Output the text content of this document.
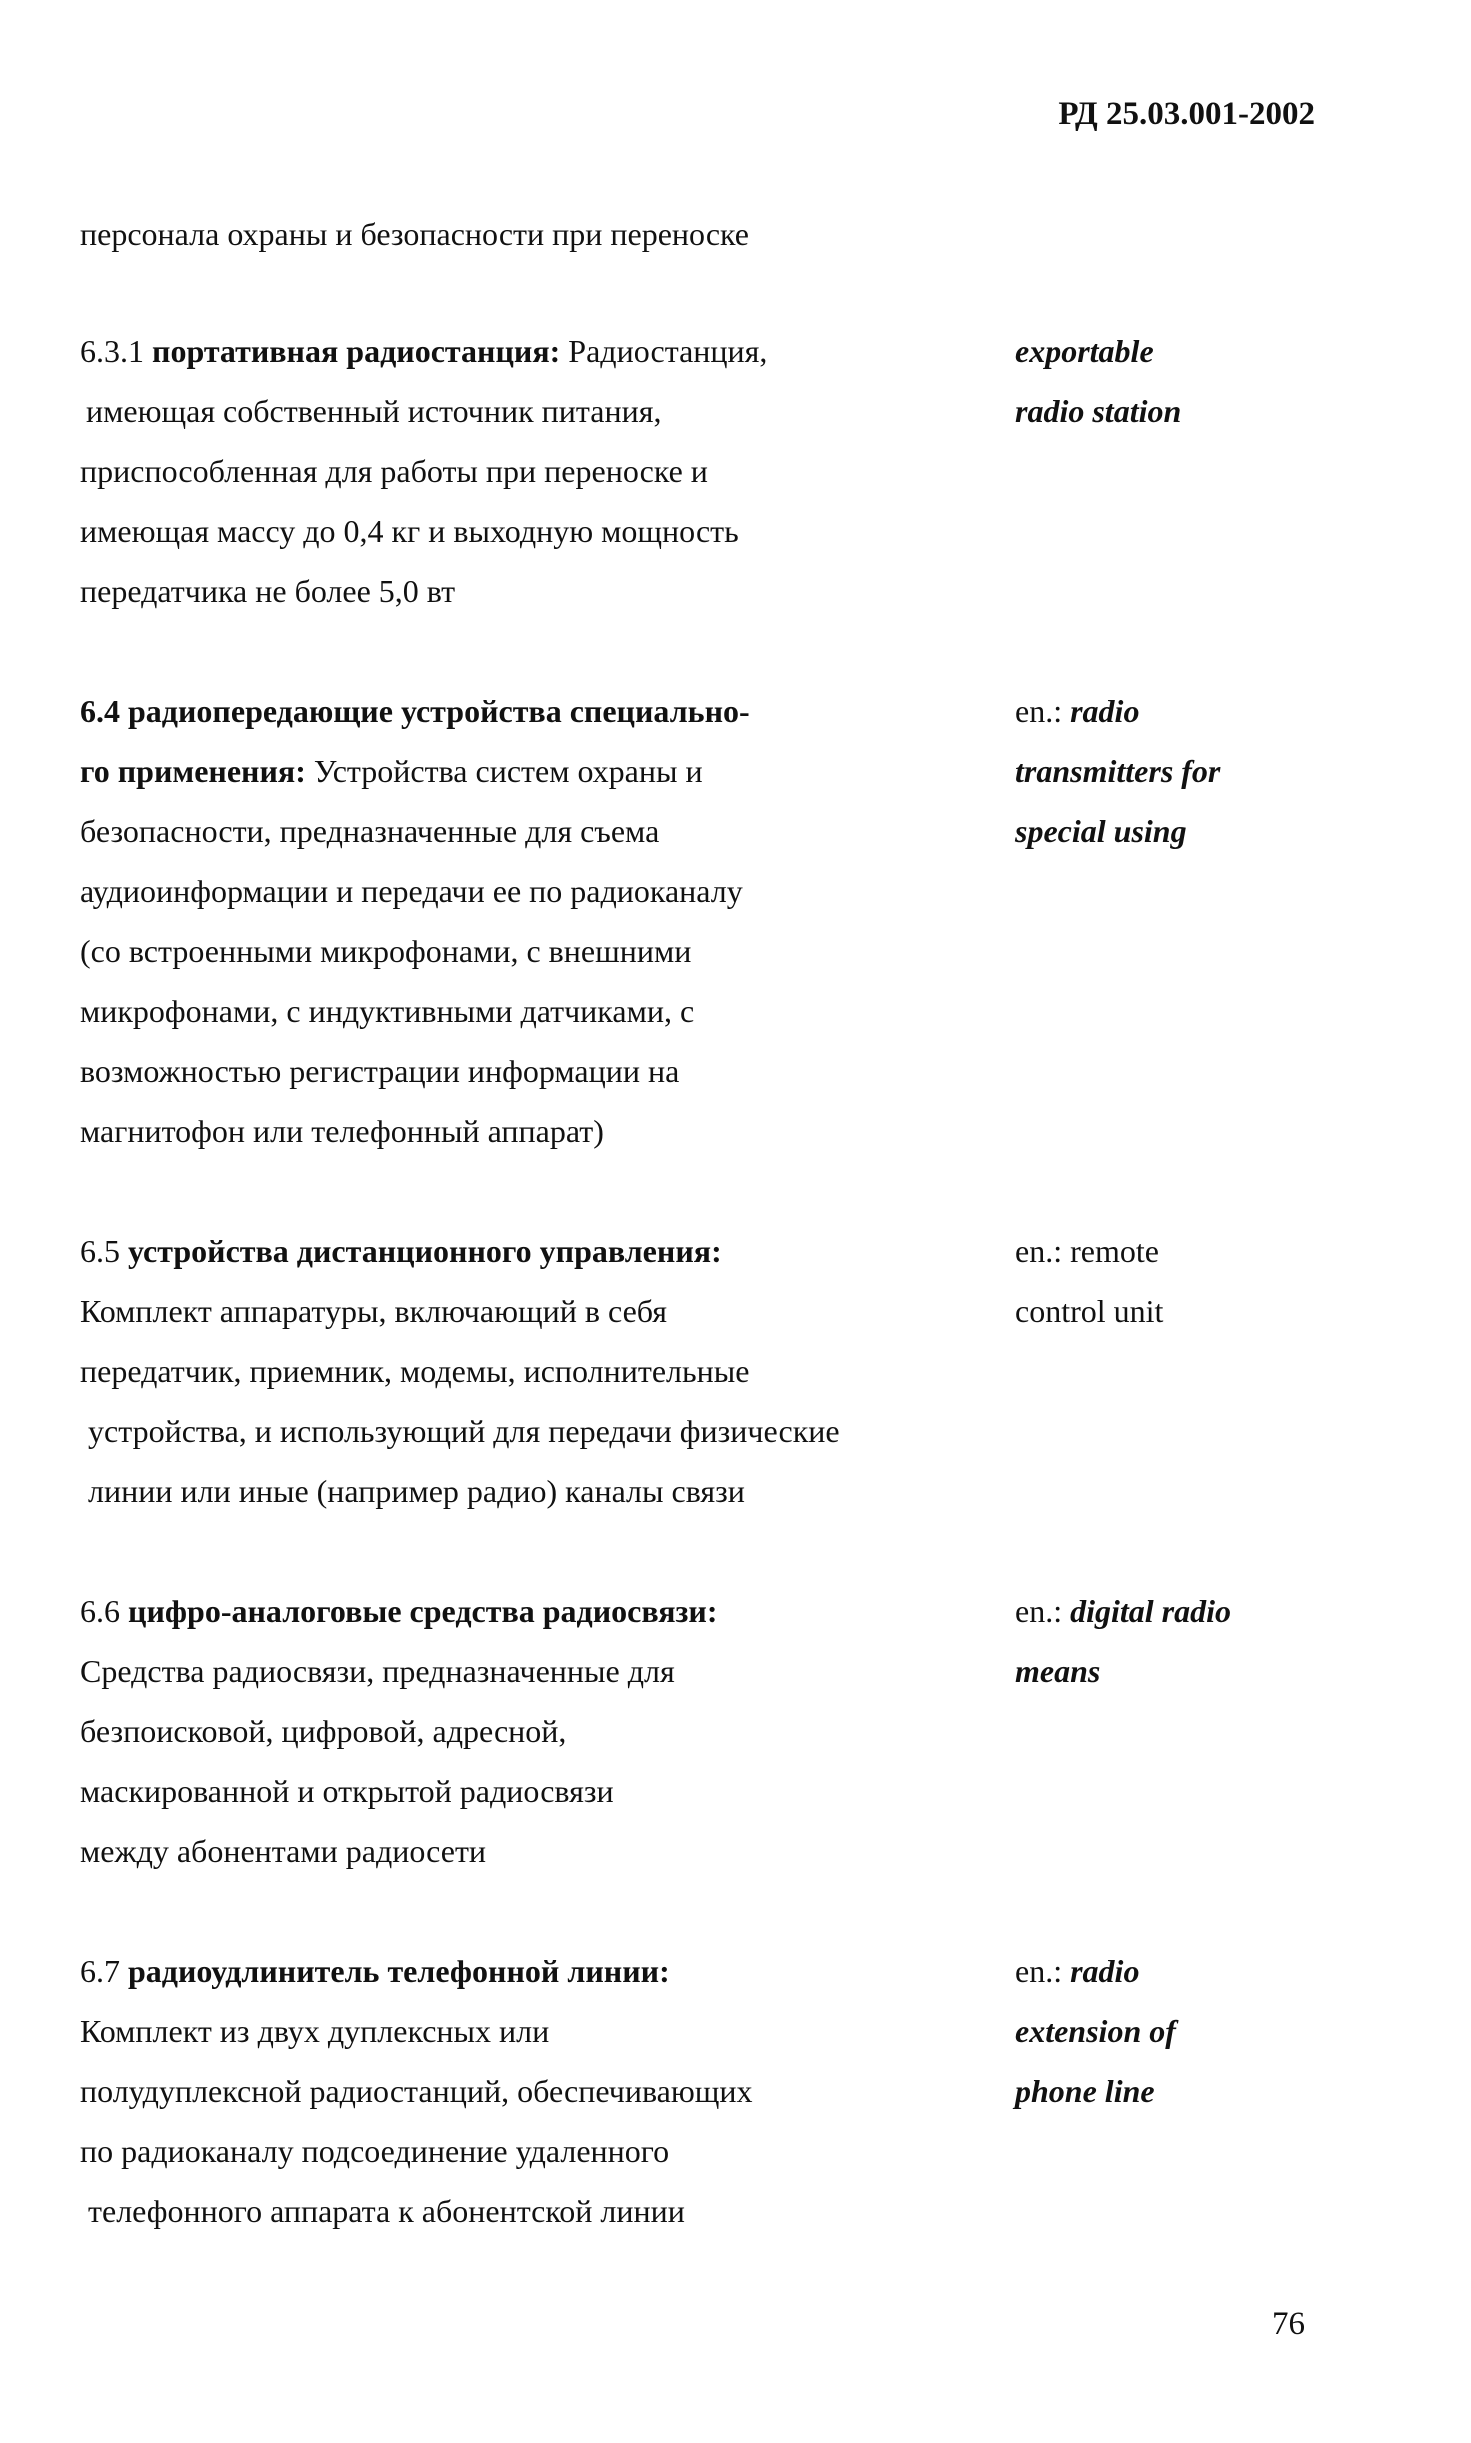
РД 25.03.001-2002
персонала охраны и безопасности при переноске
6.3.1 портативная радиостанция: Радиостанция,
имеющая собственный источник питания,
приспособленная для работы при переноске и
имеющая массу до 0,4 кг и выходную мощность
передатчика не более 5,0 вт
exportable
radio station
6.4 радиопередающие устройства специально-
го применения: Устройства систем охраны и
безопасности, предназначенные для съема
аудиоинформации и передачи ее по радиоканалу
(со встроенными микрофонами, с внешними
микрофонами, с индуктивными датчиками, с
возможностью регистрации информации на
магнитофон или телефонный аппарат)
en.: radio
transmitters for
special using
6.5 устройства дистанционного управления:
Комплект аппаратуры, включающий в себя
передатчик, приемник, модемы, исполнительные
устройства, и использующий для передачи физические
линии или иные (например радио) каналы связи
en.: remote
control unit
6.6 цифро-аналоговые средства радиосвязи:
Средства радиосвязи, предназначенные для
безпоисковой, цифровой, адресной,
маскированной и открытой радиосвязи
между абонентами радиосети
en.: digital radio
means
6.7 радиоудлинитель телефонной линии:
Комплект из двух дуплексных или
полудуплексной радиостанций, обеспечивающих
по радиоканалу подсоединение удаленного
телефонного аппарата к абонентской линии
en.: radio
extension of
phone line
76
